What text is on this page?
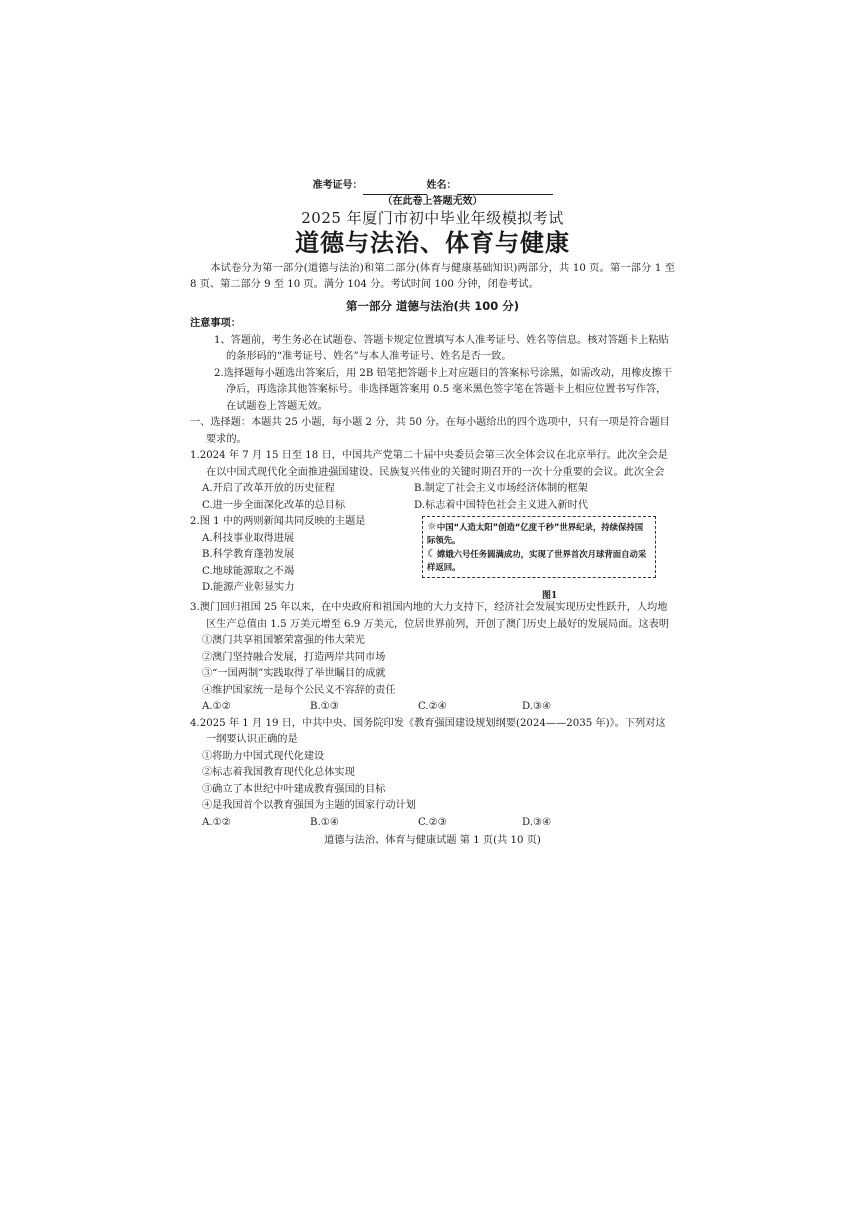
准考证号：	姓名：
（在此卷上答题无效）
2025 年厦门市初中毕业年级模拟考试
道德与法治、体育与健康
本试卷分为第一部分(道德与法治)和第二部分(体育与健康基础知识)两部分，共 10 页。第一部分 1 至 8 页、第二部分 9 至 10 页。满分 104 分。考试时间 100 分钟，闭卷考试。
第一部分 道德与法治(共 100 分)
注意事项：
1、答题前，考生务必在试题卷、答题卡规定位置填写本人准考证号、姓名等信息。核对答题卡上粘贴的条形码的“准考证号、姓名”与本人准考证号、姓名是否一致。
2.选择题每小题选出答案后，用 2B 铅笔把答题卡上对应题目的答案标号涂黑，如需改动，用橡皮擦干净后，再选涂其他答案标号。非选择题答案用 0.5 毫米黑色签字笔在答题卡上相应位置书写作答，在试题卷上答题无效。
一、选择题：本题共 25 小题，每小题 2 分，共 50 分。在每小题给出的四个选项中，只有一项是符合题目要求的。
1.2024 年 7 月 15 日至 18 日，中国共产党第二十届中央委员会第三次全体会议在北京举行。此次全会是在以中国式现代化全面推进强国建设、民族复兴伟业的关键时期召开的一次十分重要的会议。此次全会
A.开启了改革开放的历史征程	B.制定了社会主义市场经济体制的框架
C.进一步全面深化改革的总目标	D.标志着中国特色社会主义进入新时代
2.图 1 中的两则新闻共同反映的主题是
A.科技事业取得进展
B.科学教育蓬勃发展
C.地球能源取之不竭
D.能源产业彰显实力
☼中国“人造太阳”创造“亿度千秒”世界纪录，持续保持国际领先。
☾嫦娥六号任务圆满成功，实现了世界首次月球背面自动采样返回。
图1
3.澳门回归祖国 25 年以来，在中央政府和祖国内地的大力支持下，经济社会发展实现历史性跃升，人均地区生产总值由 1.5 万美元增至 6.9 万美元，位居世界前列，开创了澳门历史上最好的发展局面。这表明
①澳门共享祖国繁荣富强的伟大荣光
②澳门坚持融合发展，打造两岸共同市场
③“一国两制”实践取得了举世瞩目的成就
④维护国家统一是每个公民义不容辞的责任
A.①②	B.①③	C.②④	D.③④
4.2025 年 1 月 19 日，中共中央、国务院印发《教育强国建设规划纲要(2024——2035 年)》。下列对这一纲要认识正确的是
①将助力中国式现代化建设
②标志着我国教育现代化总体实现
③确立了本世纪中叶建成教育强国的目标
④是我国首个以教育强国为主题的国家行动计划
A.①②	B.①④	C.②③	D.③④
道德与法治、体育与健康试题 第 1 页(共 10 页)
